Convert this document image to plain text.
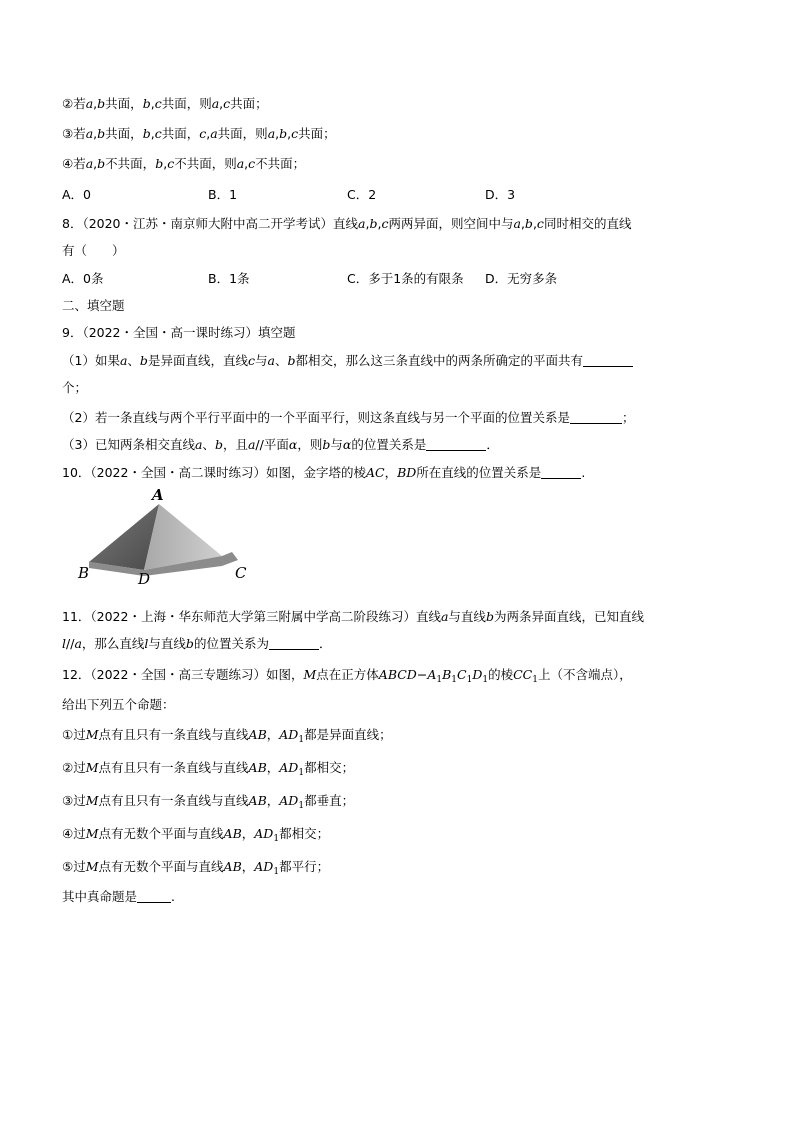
②若a,b共面，b,c共面，则a,c共面；
③若a,b共面，b,c共面，c,a共面，则a,b,c共面；
④若a,b不共面，b,c不共面，则a,c不共面；
A．0	B．1	C．2	D．3
8．（2020・江苏・南京师大附中高二开学考试）直线a,b,c两两异面，则空间中与a,b,c同时相交的直线
有（　　）
A．0条	B．1条	C．多于1条的有限条 D．无穷多条
二、填空题
9．（2022・全国・高一课时练习）填空题
（1）如果a、b是异面直线，直线c与a、b都相交，那么这三条直线中的两条所确定的平面共有
个；
（2）若一条直线与两个平行平面中的一个平面平行，则这条直线与另一个平面的位置关系是	；
（3）已知两条相交直线a、b，且a//平面α，则b与α的位置关系是	．
10．（2022・全国・高二课时练习）如图，金字塔的棱AC，BD所在直线的位置关系是	.
A
B	D	C
11．（2022・上海・华东师范大学第三附属中学高二阶段练习）直线a与直线b为两条异面直线，已知直线
l//a，那么直线l与直线b的位置关系为	．
12．（2022・全国・高三专题练习）如图，M点在正方体$ABCD-A_1B_1C_1D_1$的棱$CC_1$上（不含端点），
给出下列五个命题：
①过M点有且只有一条直线与直线AB，$AD_1$都是异面直线；
②过M点有且只有一条直线与直线AB，$AD_1$都相交；
③过M点有且只有一条直线与直线AB，$AD_1$都垂直；
④过M点有无数个平面与直线AB，$AD_1$都相交；
⑤过M点有无数个平面与直线AB，$AD_1$都平行；
其中真命题是	.
